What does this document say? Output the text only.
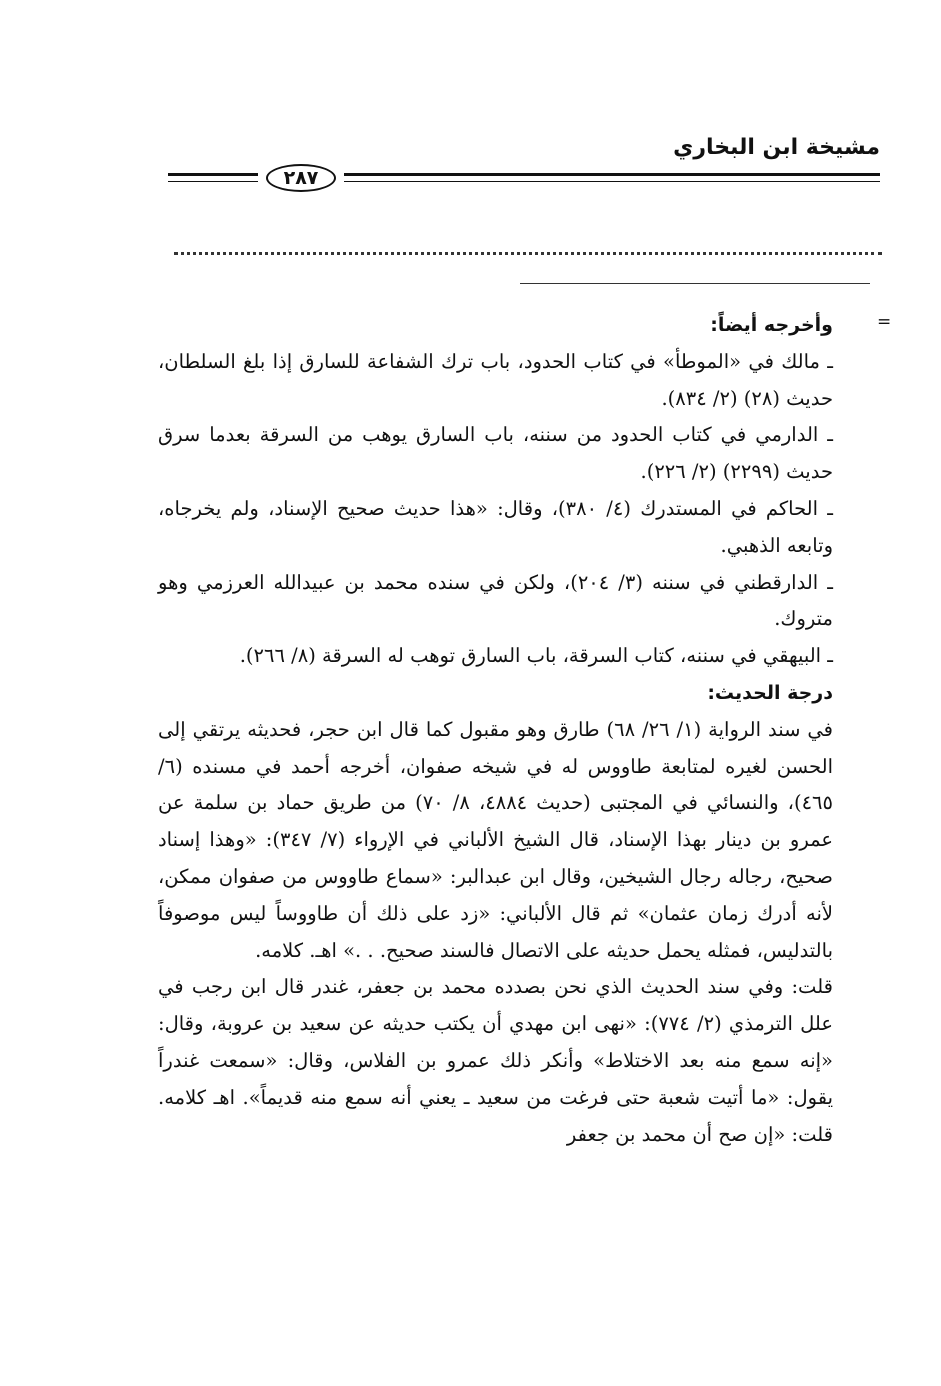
مشيخة ابن البخاري
٢٨٧
=

وأخرجه أيضاً:

ـ مالك في «الموطأ» في كتاب الحدود، باب ترك الشفاعة للسارق إذا بلغ السلطان، حديث (٢٨) (٢/ ٨٣٤).

ـ الدارمي في كتاب الحدود من سننه، باب السارق يوهب من السرقة بعدما سرق حديث (٢٢٩٩) (٢/ ٢٢٦).

ـ الحاكم في المستدرك (٤/ ٣٨٠)، وقال: «هذا حديث صحيح الإسناد، ولم يخرجاه، وتابعه الذهبي.

ـ الدارقطني في سننه (٣/ ٢٠٤)، ولكن في سنده محمد بن عبيدالله العرزمي وهو متروك.

ـ البيهقي في سننه، كتاب السرقة، باب السارق توهب له السرقة (٨/ ٢٦٦).

درجة الحديث:

في سند الرواية (١/ ٢٦/ ٦٨) طارق وهو مقبول كما قال ابن حجر، فحديثه يرتقي إلى الحسن لغيره لمتابعة طاووس له في شيخه صفوان، أخرجه أحمد في مسنده (٦/ ٤٦٥)، والنسائي في المجتبى (حديث ٤٨٨٤، ٨/ ٧٠) من طريق حماد بن سلمة عن عمرو بن دينار بهذا الإسناد، قال الشيخ الألباني في الإرواء (٧/ ٣٤٧): «وهذا إسناد صحيح، رجاله رجال الشيخين، وقال ابن عبدالبر: «سماع طاووس من صفوان ممكن، لأنه أدرك زمان عثمان» ثم قال الألباني: «زد على ذلك أن طاووساً ليس موصوفاً بالتدليس، فمثله يحمل حديثه على الاتصال فالسند صحيح. . .» اهـ. كلامه.

قلت: وفي سند الحديث الذي نحن بصدده محمد بن جعفر، غندر قال ابن رجب في علل الترمذي (٢/ ٧٧٤): «نهى ابن مهدي أن يكتب حديثه عن سعيد بن عروبة، وقال: «إنه سمع منه بعد الاختلاط» وأنكر ذلك عمرو بن الفلاس، وقال: «سمعت غندراً يقول: «ما أتيت شعبة حتى فرغت من سعيد ـ يعني أنه سمع منه قديماً». اهـ كلامه. قلت: «إن صح أن محمد بن جعفر
